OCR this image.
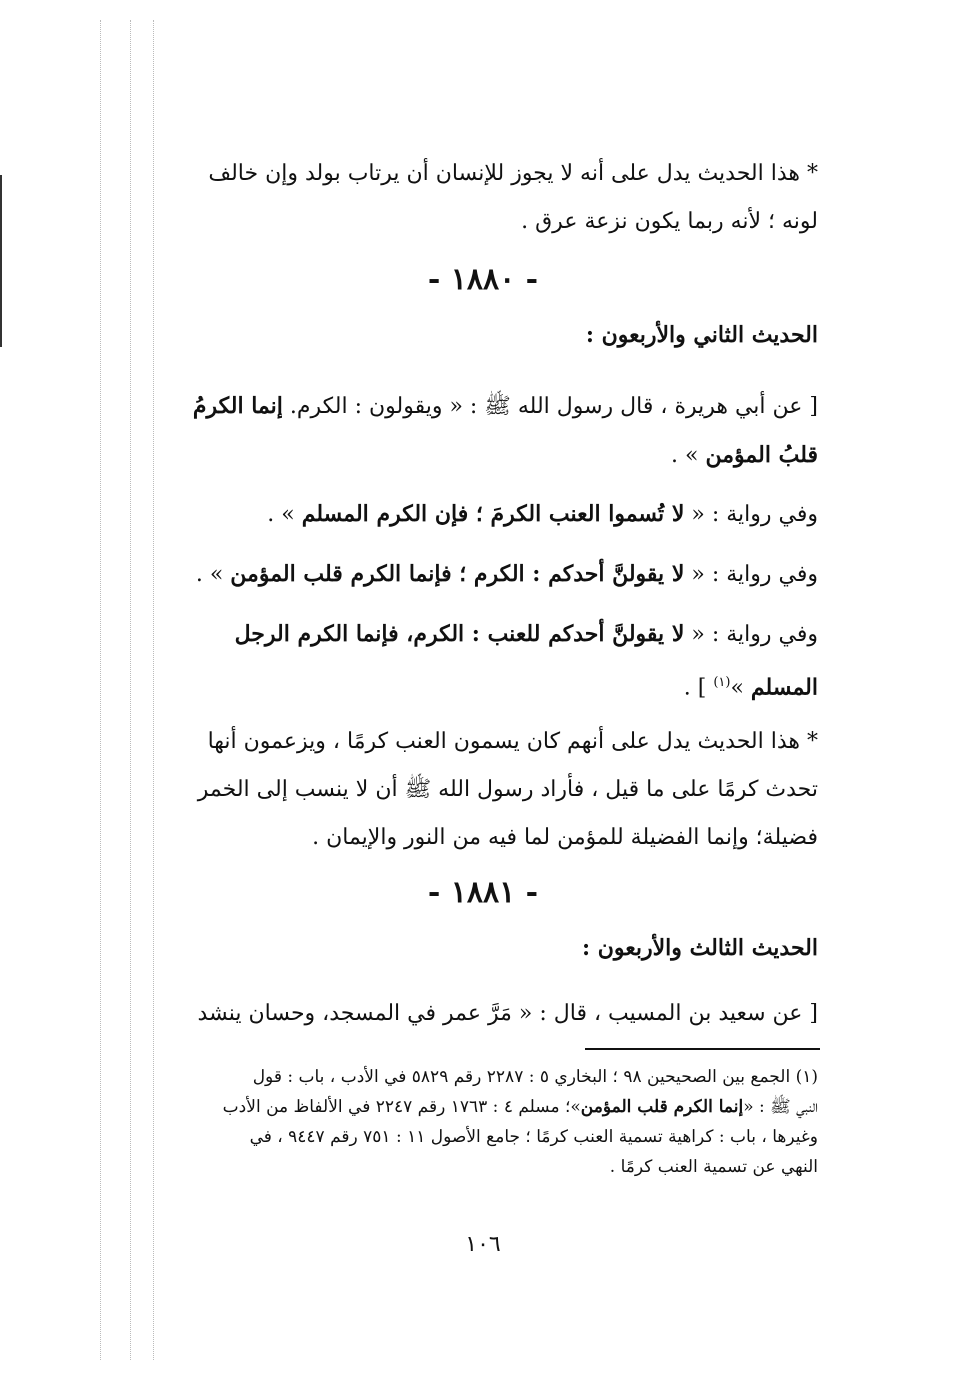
* هذا الحديث يدل على أنه لا يجوز للإنسان أن يرتاب بولد وإن خالف
لونه ؛ لأنه ربما يكون نزعة عرق .
- ١٨٨٠ -
الحديث الثاني والأربعون :
[ عن أبي هريرة ، قال رسول الله ﷺ : « ويقولون : الكرم. إنما الكرمُ
قلبُ المؤمن » .
وفي رواية : « لا تُسموا العنب الكرمَ ؛ فإن الكرم المسلم » .
وفي رواية : « لا يقولنَّ أحدكم : الكرم ؛ فإنما الكرم قلب المؤمن » .
وفي رواية : « لا يقولنَّ أحدكم للعنب : الكرم، فإنما الكرم الرجل
المسلم »$^{(١)}$ ] .
* هذا الحديث يدل على أنهم كان يسمون العنب كرمًا ، ويزعمون أنها
تحدث كرمًا على ما قيل ، فأراد رسول الله ﷺ أن لا ينسب إلى الخمر
فضيلة؛ وإنما الفضيلة للمؤمن لما فيه من النور والإيمان .
- ١٨٨١ -
الحديث الثالث والأربعون :
[ عن سعيد بن المسيب ، قال : « مَرَّ عمر في المسجد، وحسان ينشد
(١) الجمع بين الصحيحين ٩٨ ؛ البخاري ٥ : ٢٢٨٧ رقم ٥٨٢٩ في الأدب ، باب : قول
النبي ﷺ : «إنما الكرم قلب المؤمن»؛ مسلم ٤ : ١٧٦٣ رقم ٢٢٤٧ في الألفاظ من الأدب
وغيرها ، باب : كراهية تسمية العنب كرمًا ؛ جامع الأصول ١١ : ٧٥١ رقم ٩٤٤٧ ، في
النهي عن تسمية العنب كرمًا .
١٠٦
